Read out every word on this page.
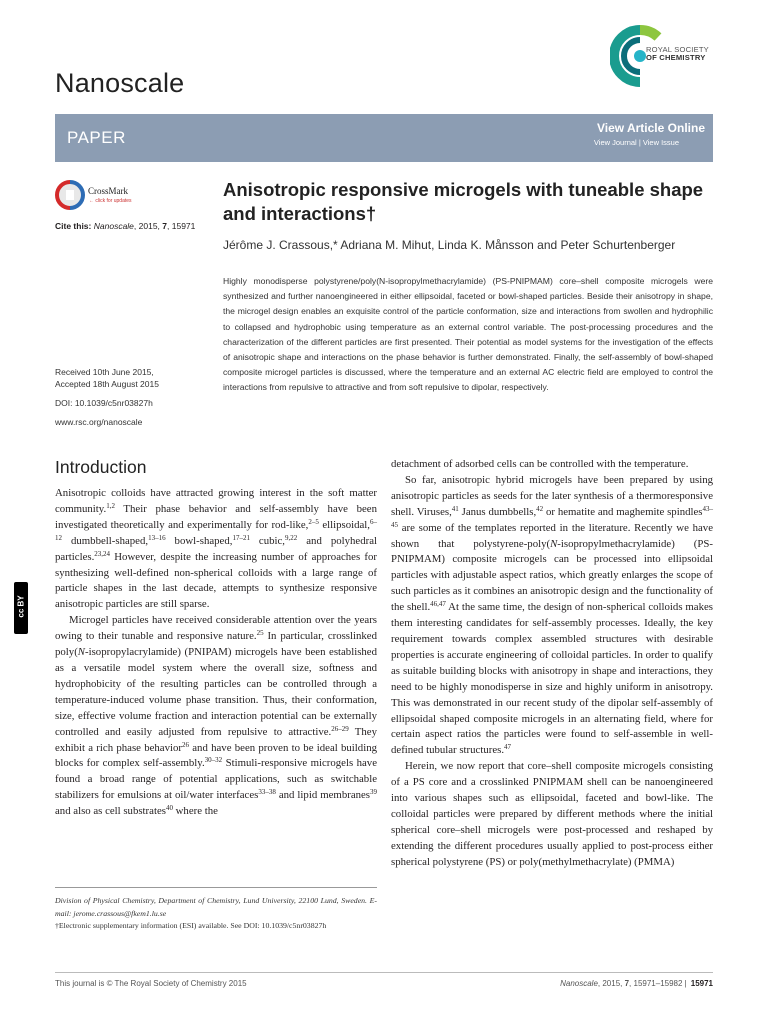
Nanoscale
ROYAL SOCIETY
OF CHEMISTRY
PAPER	View Article Online
View Journal | View Issue
CrossMark
← click for updates
Cite this: Nanoscale, 2015, 7, 15971
Anisotropic responsive microgels with tuneable shape and interactions†
Jérôme J. Crassous,* Adriana M. Mihut, Linda K. Månsson and Peter Schurtenberger
Highly monodisperse polystyrene/poly(N-isopropylmethacrylamide) (PS-PNIPMAM) core–shell composite microgels were synthesized and further nanoengineered in either ellipsoidal, faceted or bowl-shaped particles. Beside their anisotropy in shape, the microgel design enables an exquisite control of the particle conformation, size and interactions from swollen and hydrophilic to collapsed and hydrophobic using temperature as an external control variable. The post-processing procedures and the characterization of the different particles are first presented. Their potential as model systems for the investigation of the effects of anisotropic shape and interactions on the phase behavior is further demonstrated. Finally, the self-assembly of bowl-shaped composite microgel particles is discussed, where the temperature and an external AC electric field are employed to control the interactions from repulsive to attractive and from soft repulsive to dipolar, respectively.
Received 10th June 2015,
Accepted 18th August 2015
DOI: 10.1039/c5nr03827h
www.rsc.org/nanoscale
cc BY
Introduction

Anisotropic colloids have attracted growing interest in the soft matter community.$^{1,2}$ Their phase behavior and self-assembly have been investigated theoretically and experimentally for rod-like,$^{2-5}$ ellipsoidal,$^{6-12}$ dumbbell-shaped,$^{13-16}$ bowl-shaped,$^{17-21}$ cubic,$^{9,22}$ and polyhedral particles.$^{23,24}$ However, despite the increasing number of approaches for synthesizing well-defined non-spherical colloids with a large range of particle shapes in the last decade, attempts to synthesize responsive anisotropic particles are still sparse.

Microgel particles have received considerable attention over the years owing to their tunable and responsive nature.$^{25}$ In particular, crosslinked poly(N-isopropylacrylamide) (PNIPAM) microgels have been established as a versatile model system where the overall size, softness and hydrophobicity of the resulting particles can be controlled through a temperature-induced volume phase transition. Thus, their conformation, size, effective volume fraction and interaction potential can be externally controlled and easily adjusted from repulsive to attractive.$^{26-29}$ They exhibit a rich phase behavior$^{26}$ and have been proven to be ideal building blocks for complex self-assembly.$^{30-32}$ Stimuli-responsive microgels have found a broad range of potential applications, such as switchable stabilizers for emulsions at oil/water interfaces$^{33-38}$ and lipid membranes$^{39}$ and also as cell substrates$^{40}$ where the

detachment of adsorbed cells can be controlled with the temperature.

So far, anisotropic hybrid microgels have been prepared by using anisotropic particles as seeds for the later synthesis of a thermoresponsive shell. Viruses,$^{41}$ Janus dumbbells,$^{42}$ or hematite and maghemite spindles$^{43-45}$ are some of the templates reported in the literature. Recently we have shown that polystyrene-poly(N-isopropylmethacrylamide) (PS-PNIPMAM) composite microgels can be processed into ellipsoidal particles with adjustable aspect ratios, which greatly enlarges the scope of such particles as it combines an anisotropic design and the functionality of the shell.$^{46,47}$ At the same time, the design of non-spherical colloids makes them interesting candidates for self-assembly processes. Ideally, the key requirement towards complex assembled structures with desirable properties is accurate engineering of colloidal particles. In order to qualify as suitable building blocks with anisotropy in shape and interactions, they need to be highly monodisperse in size and highly uniform in anisotropy. This was demonstrated in our recent study of the dipolar self-assembly of ellipsoidal shaped composite microgels in an alternating field, where for certain aspect ratios the particles were found to self-assemble in well-defined tubular structures.$^{47}$

Herein, we now report that core–shell composite microgels consisting of a PS core and a crosslinked PNIPMAM shell can be nanoengineered into various shapes such as ellipsoidal, faceted and bowl-like. The colloidal particles were prepared by different methods where the initial spherical core–shell microgels were post-processed and reshaped by extending the different procedures usually applied to post-process either spherical polystyrene (PS) or poly(methylmethacrylate) (PMMA)

Division of Physical Chemistry, Department of Chemistry, Lund University, 22100 Lund, Sweden. E-mail: jerome.crassous@fkem1.lu.se
†Electronic supplementary information (ESI) available. See DOI: 10.1039/c5nr03827h
This journal is © The Royal Society of Chemistry 2015	Nanoscale, 2015, 7, 15971–15982 | 15971
